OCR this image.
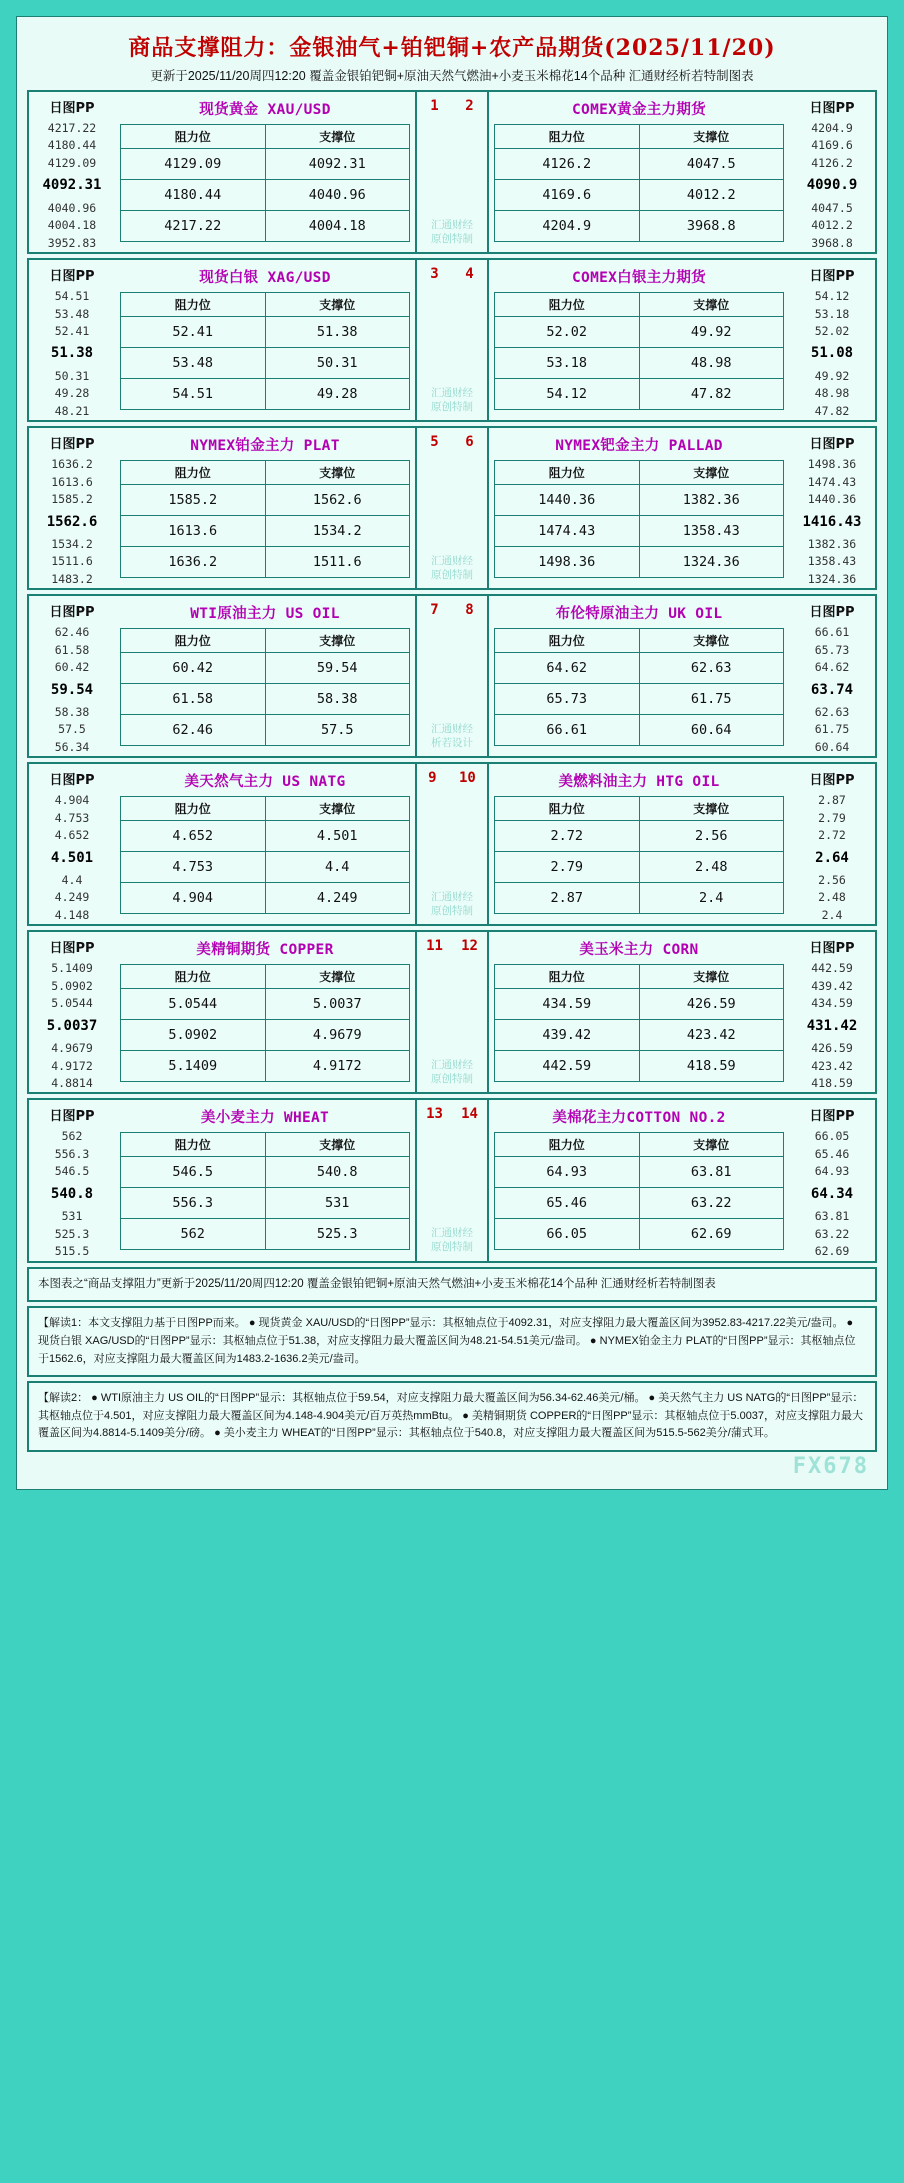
商品支撑阻力：金银油气+铂钯铜+农产品期货(2025/11/20)
更新于2025/11/20周四12:20 覆盖金银铂钯铜+原油天然气燃油+小麦玉米棉花14个品种 汇通财经析若特制图表
日图PP
4217.22
4180.44
4129.09
4092.31
4040.96
4004.18
3952.83
现货黄金 XAU/USD
阻力位	支撑位
4129.09	4092.31
4180.44	4040.96
4217.22	4004.18
1 2
汇通财经
原创特制
COMEX黄金主力期货
阻力位	支撑位
4126.2	4047.5
4169.6	4012.2
4204.9	3968.8
日图PP
4204.9
4169.6
4126.2
4090.9
4047.5
4012.2
3968.8
日图PP
54.51
53.48
52.41
51.38
50.31
49.28
48.21
现货白银 XAG/USD
阻力位	支撑位
52.41	51.38
53.48	50.31
54.51	49.28
3 4
汇通财经
原创特制
COMEX白银主力期货
阻力位	支撑位
52.02	49.92
53.18	48.98
54.12	47.82
日图PP
54.12
53.18
52.02
51.08
49.92
48.98
47.82
日图PP
1636.2
1613.6
1585.2
1562.6
1534.2
1511.6
1483.2
NYMEX铂金主力 PLAT
阻力位	支撑位
1585.2	1562.6
1613.6	1534.2
1636.2	1511.6
5 6
汇通财经
原创特制
NYMEX钯金主力 PALLAD
阻力位	支撑位
1440.36	1382.36
1474.43	1358.43
1498.36	1324.36
日图PP
1498.36
1474.43
1440.36
1416.43
1382.36
1358.43
1324.36
日图PP
62.46
61.58
60.42
59.54
58.38
57.5
56.34
WTI原油主力 US OIL
阻力位	支撑位
60.42	59.54
61.58	58.38
62.46	57.5
7 8
汇通财经
析若设计
布伦特原油主力 UK OIL
阻力位	支撑位
64.62	62.63
65.73	61.75
66.61	60.64
日图PP
66.61
65.73
64.62
63.74
62.63
61.75
60.64
日图PP
4.904
4.753
4.652
4.501
4.4
4.249
4.148
美天然气主力 US NATG
阻力位	支撑位
4.652	4.501
4.753	4.4
4.904	4.249
9 10
汇通财经
原创特制
美燃料油主力 HTG OIL
阻力位	支撑位
2.72	2.56
2.79	2.48
2.87	2.4
日图PP
2.87
2.79
2.72
2.64
2.56
2.48
2.4
日图PP
5.1409
5.0902
5.0544
5.0037
4.9679
4.9172
4.8814
美精铜期货 COPPER
阻力位	支撑位
5.0544	5.0037
5.0902	4.9679
5.1409	4.9172
11 12
汇通财经
原创特制
美玉米主力 CORN
阻力位	支撑位
434.59	426.59
439.42	423.42
442.59	418.59
日图PP
442.59
439.42
434.59
431.42
426.59
423.42
418.59
日图PP
562
556.3
546.5
540.8
531
525.3
515.5
美小麦主力 WHEAT
阻力位	支撑位
546.5	540.8
556.3	531
562	525.3
13 14
汇通财经
原创特制
美棉花主力COTTON NO.2
阻力位	支撑位
64.93	63.81
65.46	63.22
66.05	62.69
日图PP
66.05
65.46
64.93
64.34
63.81
63.22
62.69
本图表之“商品支撑阻力”更新于2025/11/20周四12:20 覆盖金银铂钯铜+原油天然气燃油+小麦玉米棉花14个品种 汇通财经析若特制图表
【解读1：本文支撑阻力基于日图PP而来。 ● 现货黄金 XAU/USD的“日图PP”显示：其枢轴点位于4092.31，对应支撑阻力最大覆盖区间为3952.83-4217.22美元/盎司。 ● 现货白银 XAG/USD的“日图PP”显示：其枢轴点位于51.38，对应支撑阻力最大覆盖区间为48.21-54.51美元/盎司。 ● NYMEX铂金主力 PLAT的“日图PP”显示：其枢轴点位于1562.6，对应支撑阻力最大覆盖区间为1483.2-1636.2美元/盎司。
【解读2： ● WTI原油主力 US OIL的“日图PP”显示：其枢轴点位于59.54，对应支撑阻力最大覆盖区间为56.34-62.46美元/桶。 ● 美天然气主力 US NATG的“日图PP”显示：其枢轴点位于4.501，对应支撑阻力最大覆盖区间为4.148-4.904美元/百万英热mmBtu。 ● 美精铜期货 COPPER的“日图PP”显示：其枢轴点位于5.0037，对应支撑阻力最大覆盖区间为4.8814-5.1409美分/磅。 ● 美小麦主力 WHEAT的“日图PP”显示：其枢轴点位于540.8，对应支撑阻力最大覆盖区间为515.5-562美分/蒲式耳。
FX678
